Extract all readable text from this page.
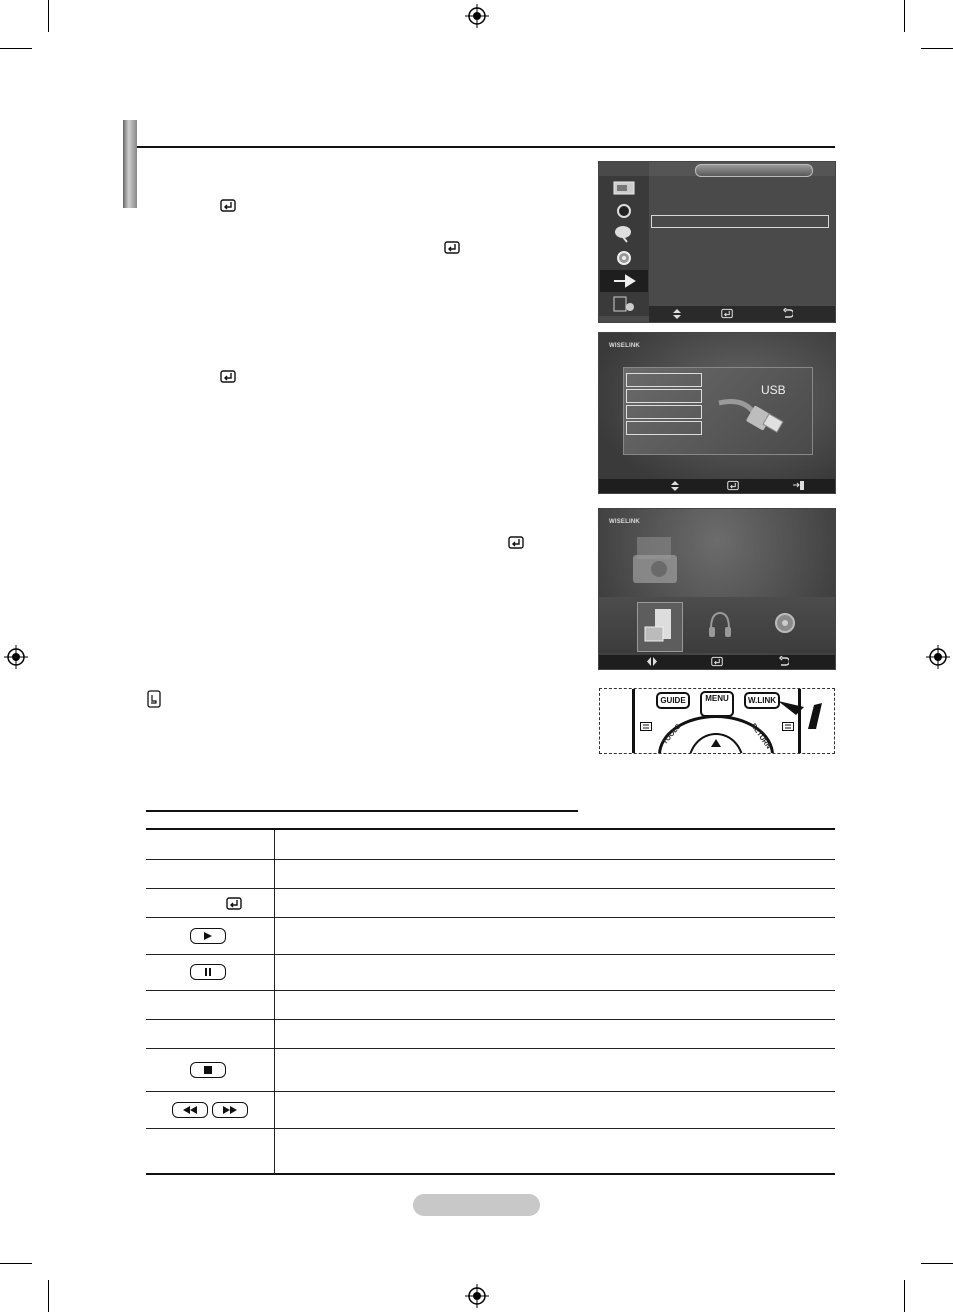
WISELINK
USB
WISELINK
GUIDE	MENU	W.LINK
TOOLS	RETURN
